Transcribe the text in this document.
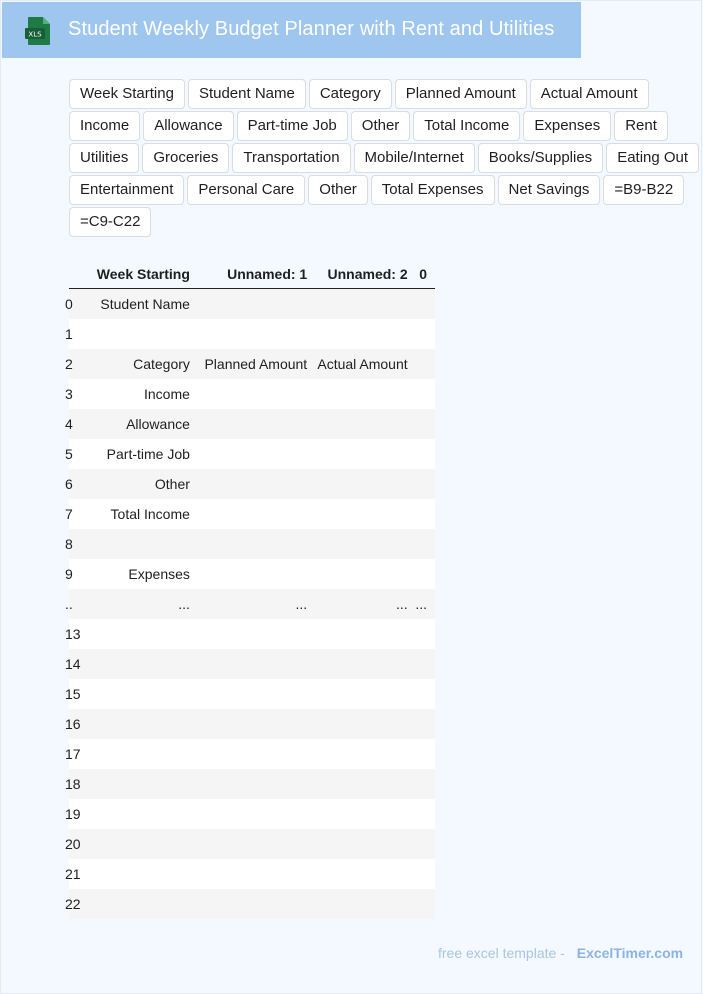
XLS Student Weekly Budget Planner with Rent and Utilities
Week Starting	Student Name	Category	Planned Amount	Actual Amount
Income	Allowance	Part-time Job	Other	Total Income	Expenses	Rent
Utilities	Groceries	Transportation	Mobile/Internet	Books/Supplies	Eating Out
Entertainment	Personal Care	Other	Total Expenses	Net Savings	=B9-B22
=C9-C22
	Week Starting	Unnamed: 1	Unnamed: 2	0
0	Student Name			
1				
2	Category	Planned Amount	Actual Amount	
3	Income			
4	Allowance			
5	Part-time Job			
6	Other			
7	Total Income			
8				
9	Expenses			
..	...	...	...	...
13				
14				
15				
16				
17				
18				
19				
20				
21				
22				
free excel template - ExcelTimer.com
